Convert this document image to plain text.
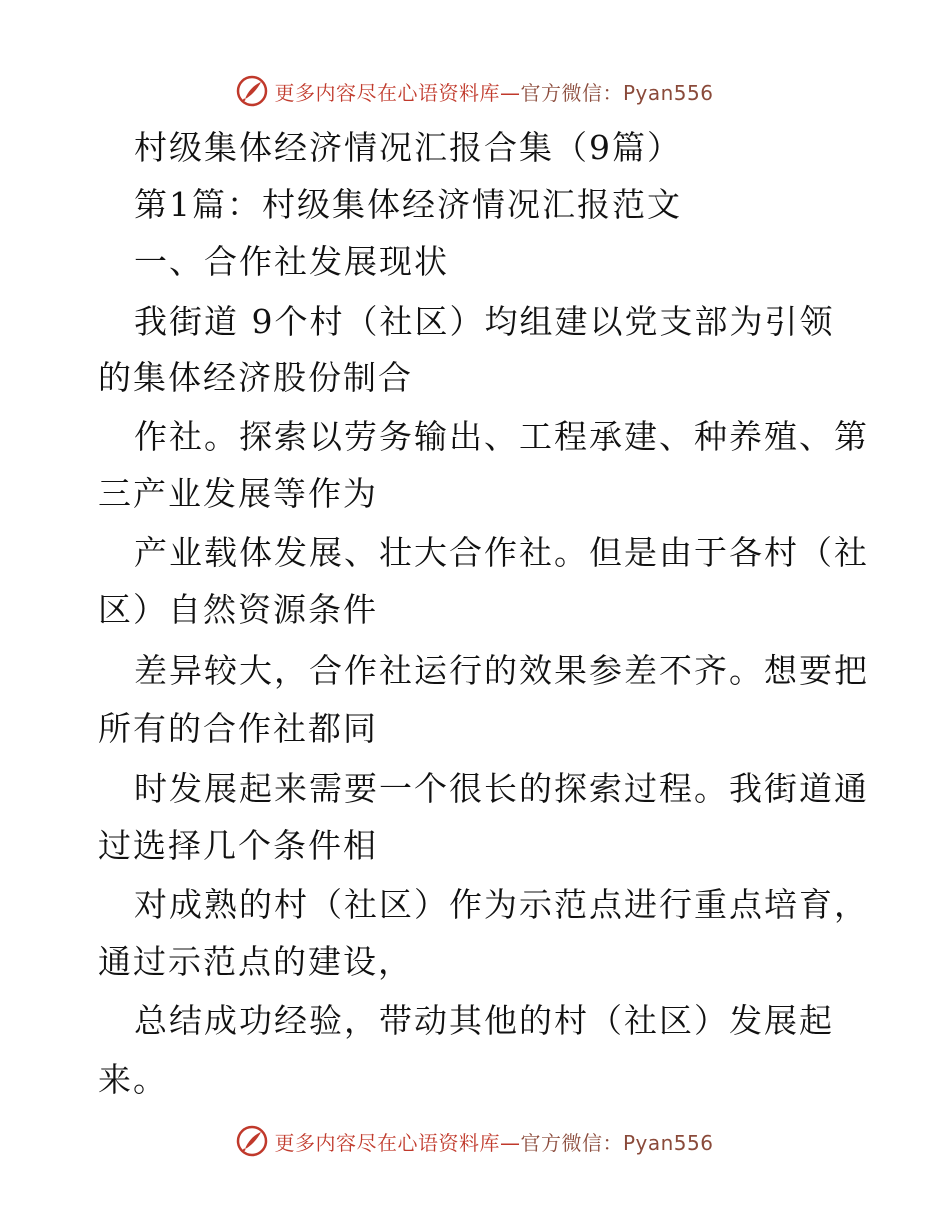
更多内容尽在心语资料库—官方微信：Pyan556
村级集体经济情况汇报合集（9篇）
第1篇：村级集体经济情况汇报范文
一、合作社发展现状
我街道 9个村（社区）均组建以党支部为引领
的集体经济股份制合
作社。探索以劳务输出、工程承建、种养殖、第
三产业发展等作为
产业载体发展、壮大合作社。但是由于各村（社
区）自然资源条件
差异较大，合作社运行的效果参差不齐。想要把
所有的合作社都同
时发展起来需要一个很长的探索过程。我街道通
过选择几个条件相
对成熟的村（社区）作为示范点进行重点培育，
通过示范点的建设，
总结成功经验，带动其他的村（社区）发展起
来。
更多内容尽在心语资料库—官方微信：Pyan556
